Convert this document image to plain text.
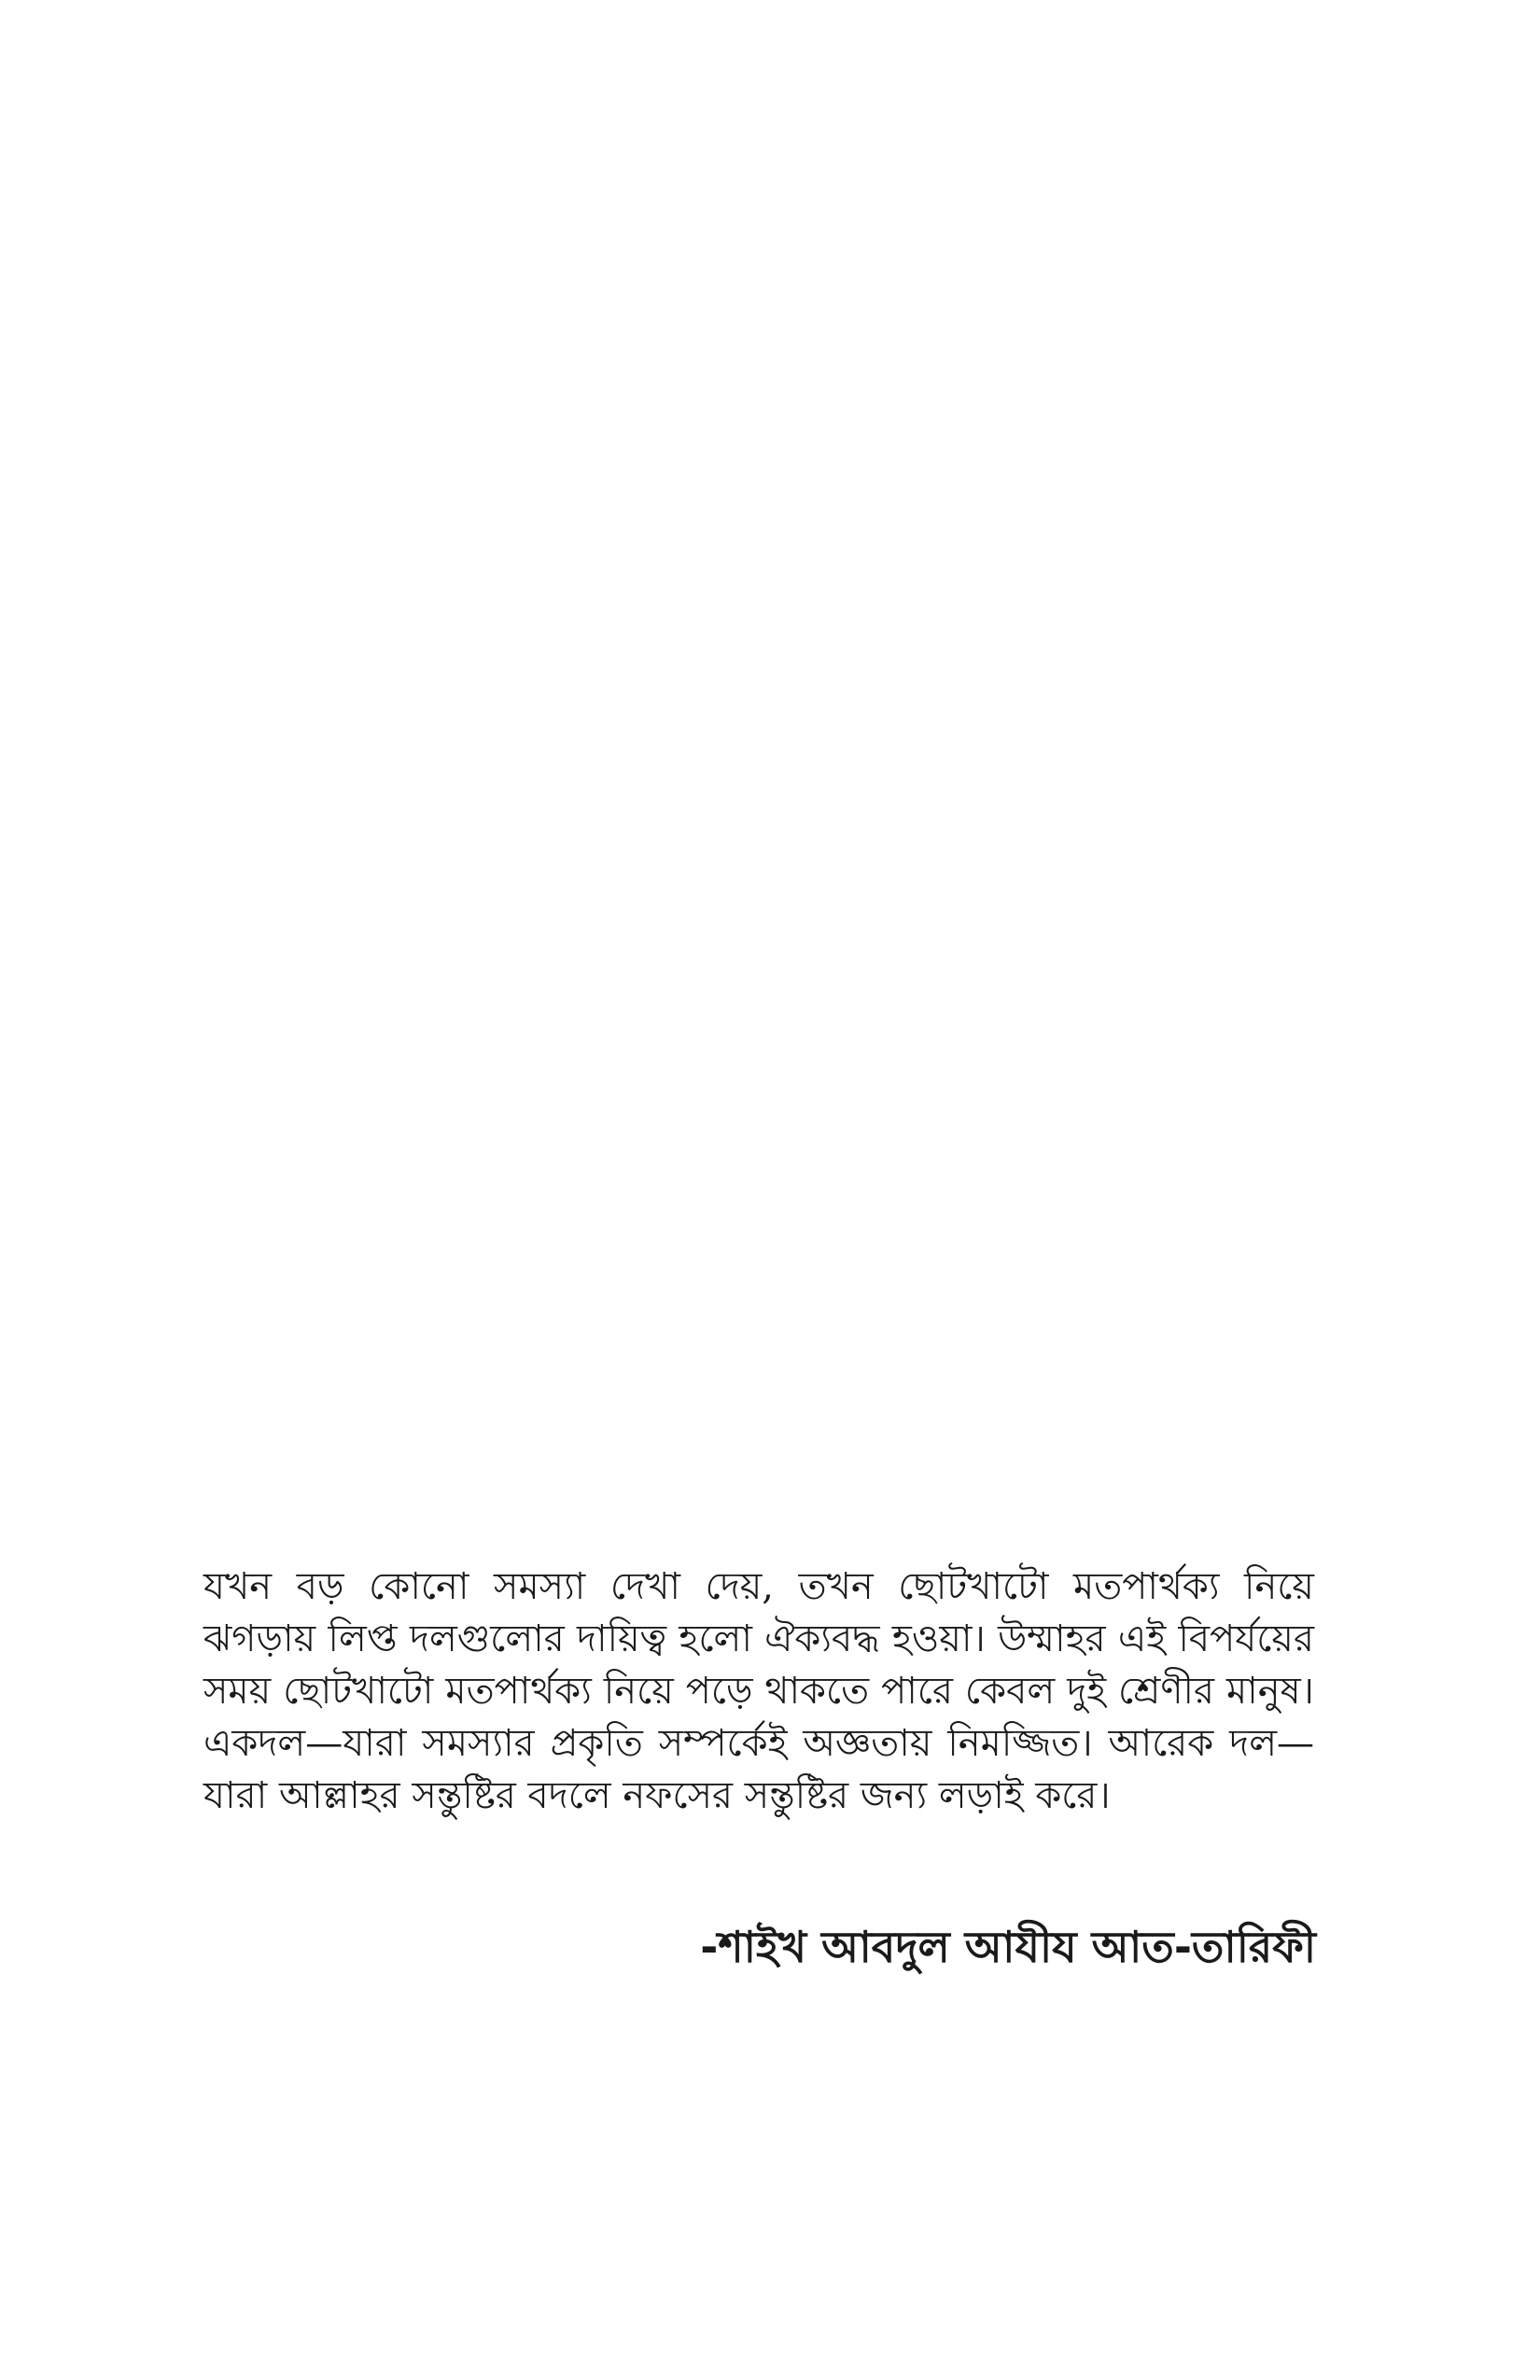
যখন বড় কোনো সমস্যা দেখা দেয়, তখন ছোটখাটো মতপার্থক্য নিয়ে ঝগড়ায় লিপ্ত দলগুলোর দায়িত্ব হলো ঐক্যবদ্ধ হওয়া। উম্মাহর এই বিপর্যয়ের সময় ছোটখাটো মতপার্থক্য নিয়ে পড়ে থাকতে পারে কেবল দুই শ্রেণীর মানুষ। একদল—যারা সমস্যার প্রকৃতি সম্পর্কেই অজ্ঞতায় নিমজ্জিত। আরেক দল— যারা আল্লাহর সন্তুষ্টির বদলে নফসের সন্তুষ্টির জন্য লড়াই করে।

-শাইখ আবদুল আযীয আত-তারিফী
